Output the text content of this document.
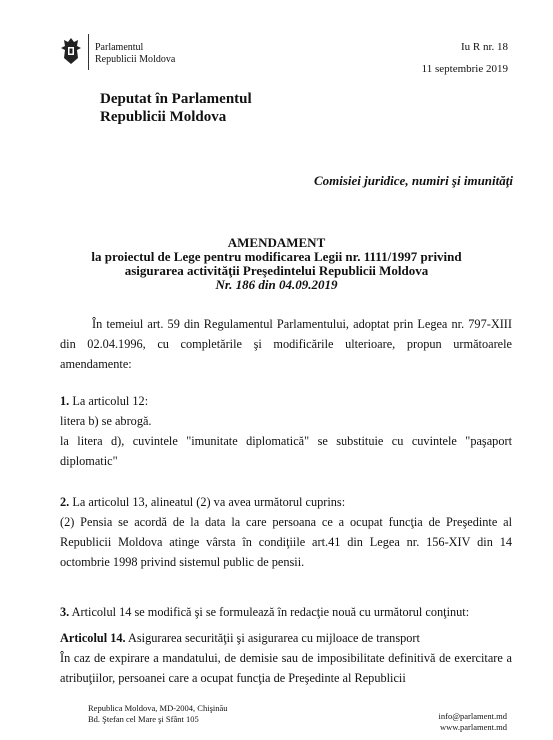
Parlamentul
Republicii Moldova
Iu R nr. 18
11 septembrie 2019
Deputat în Parlamentul
Republicii Moldova
Comisiei juridice, numiri şi imunităţi
AMENDAMENT
la proiectul de Lege pentru modificarea Legii nr. 1111/1997 privind
asigurarea activităţii Preşedintelui Republicii Moldova
Nr. 186 din 04.09.2019
În temeiul art. 59 din Regulamentul Parlamentului, adoptat prin Legea nr. 797-XIII din 02.04.1996, cu completările şi modificările ulterioare, propun următoarele amendamente:

1. La articolul 12:

litera b) se abrogă.

la litera d), cuvintele "imunitate diplomatică" se substituie cu cuvintele "paşaport diplomatic"

2. La articolul 13, alineatul (2) va avea următorul cuprins:

(2) Pensia se acordă de la data la care persoana ce a ocupat funcţia de Preşedinte al Republicii Moldova atinge vârsta în condiţiile art.41 din Legea nr. 156-XIV din 14 octombrie 1998 privind sistemul public de pensii.

3. Articolul 14 se modifică şi se formulează în redacţie nouă cu următorul conţinut:

Articolul 14. Asigurarea securităţii şi asigurarea cu mijloace de transport

În caz de expirare a mandatului, de demisie sau de imposibilitate definitivă de exercitare a atribuţiilor, persoanei care a ocupat funcţia de Preşedinte al Republicii

Republica Moldova, MD-2004, Chişinău
Bd. Ştefan cel Mare şi Sfânt 105	info@parlament.md
www.parlament.md
